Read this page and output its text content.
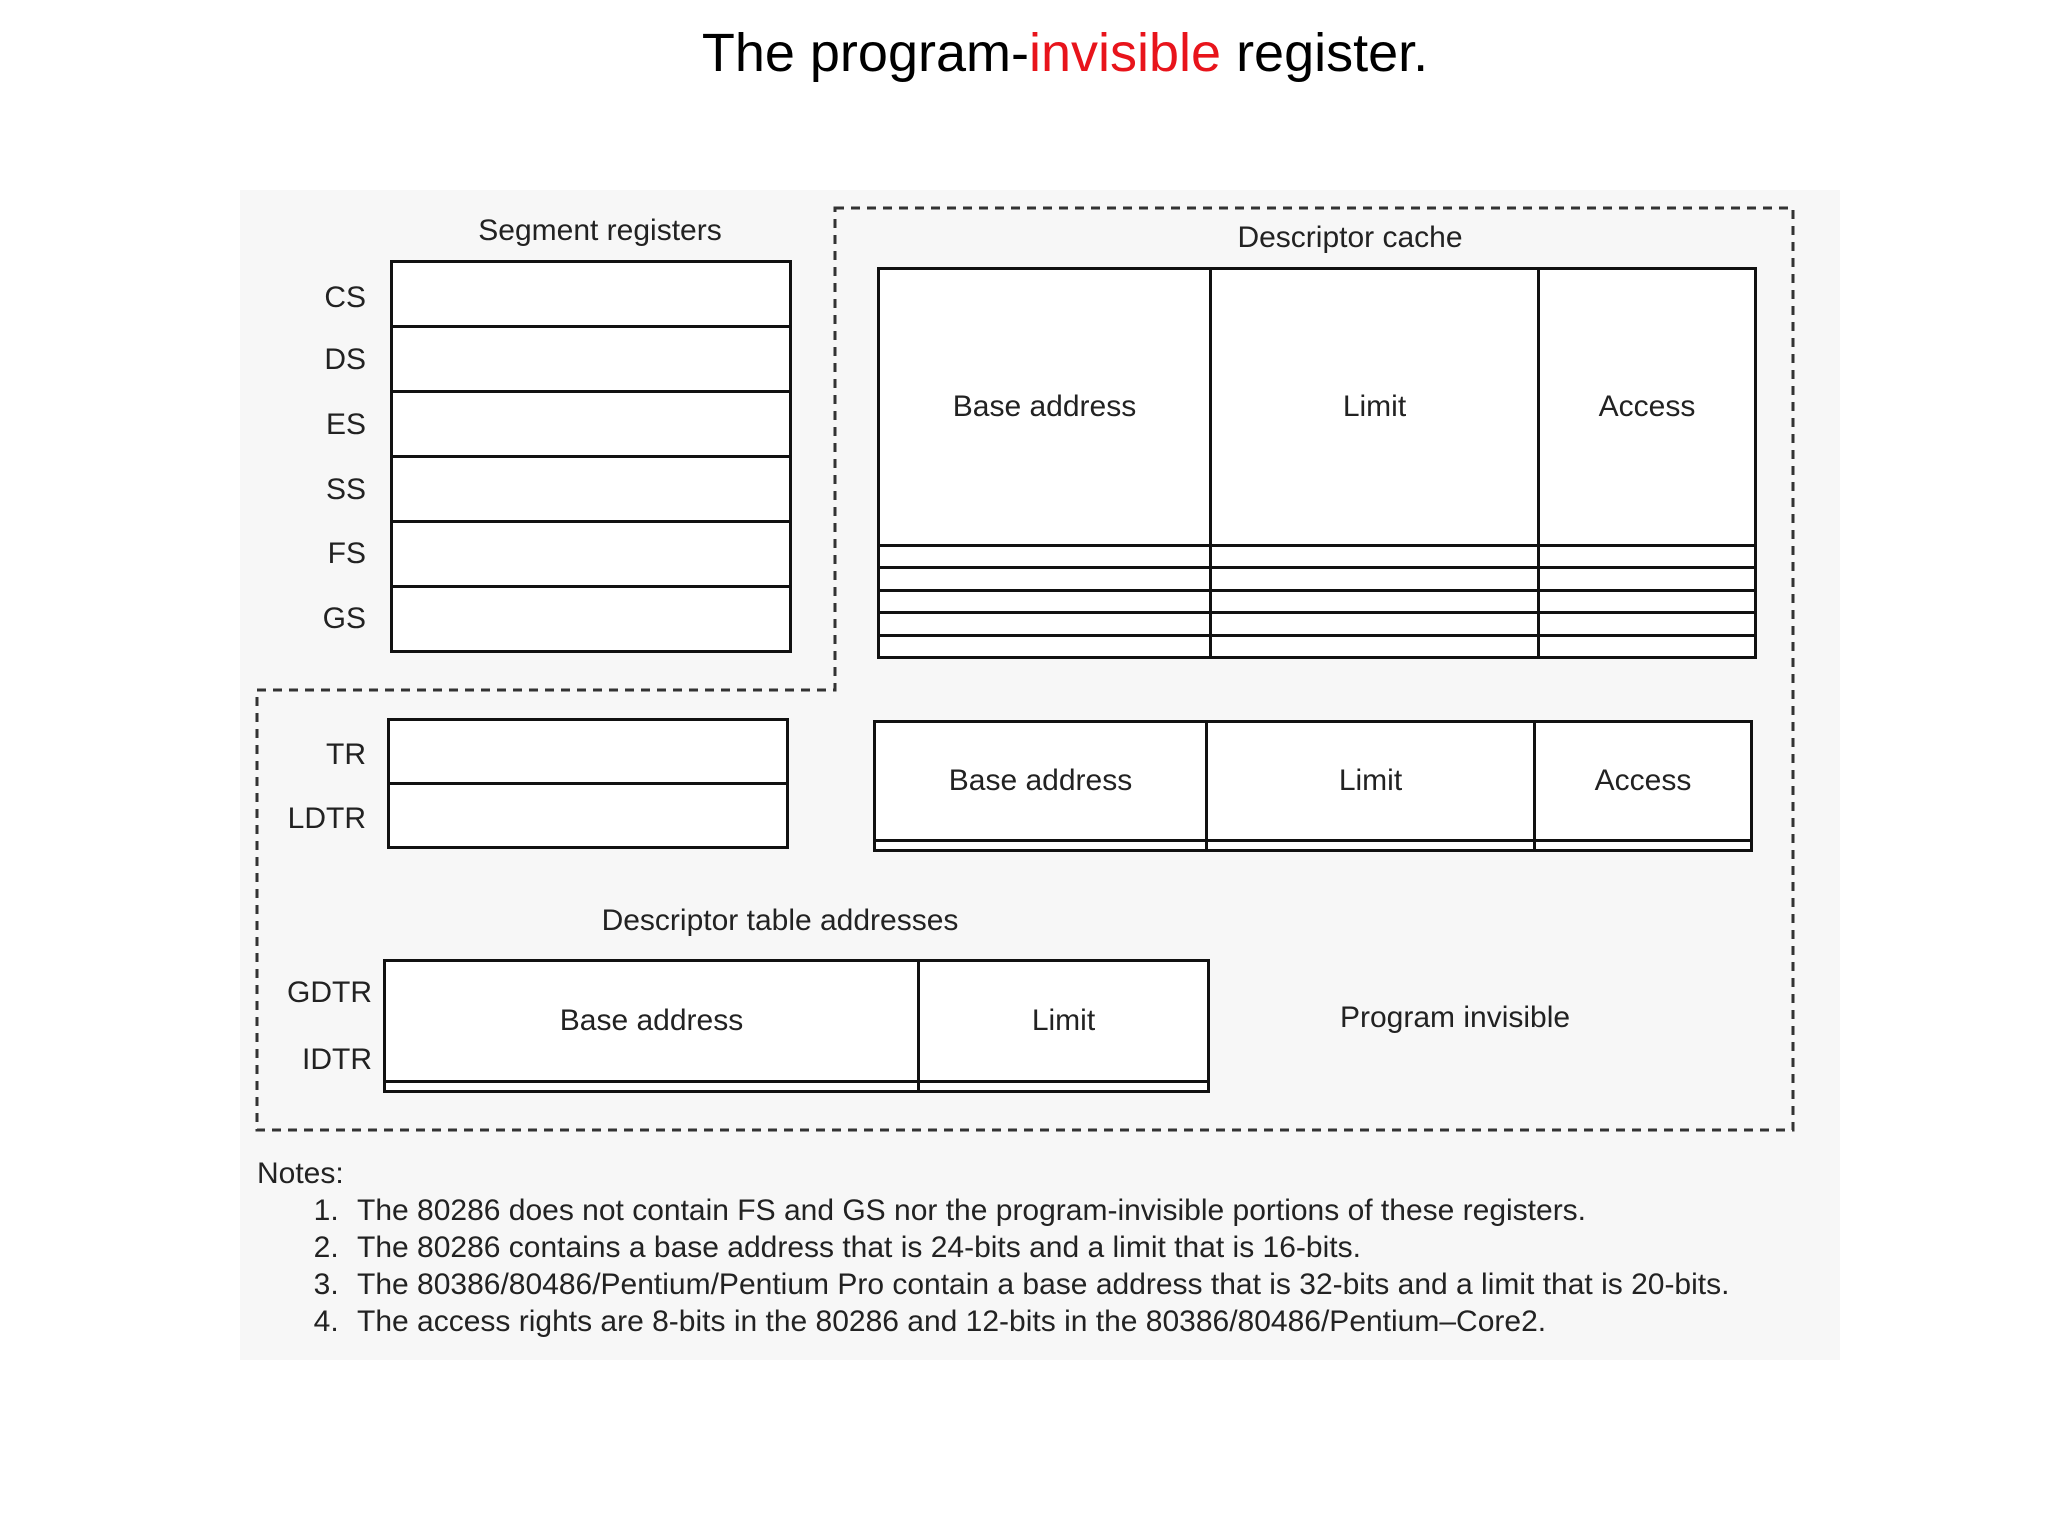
The program-invisible register.
Segment registers
CS
DS
ES
SS
FS
GS

Descriptor cache
Base address	Limit	Access

TR
LDTR

Base address	Limit	Access

Descriptor table addresses
GDTR
IDTR
Base address	Limit
		Program invisible
Notes:
1. The 80286 does not contain FS and GS nor the program-invisible portions of these registers.
2. The 80286 contains a base address that is 24-bits and a limit that is 16-bits.
3. The 80386/80486/Pentium/Pentium Pro contain a base address that is 32-bits and a limit that is 20-bits.
4. The access rights are 8-bits in the 80286 and 12-bits in the 80386/80486/Pentium–Core2.
